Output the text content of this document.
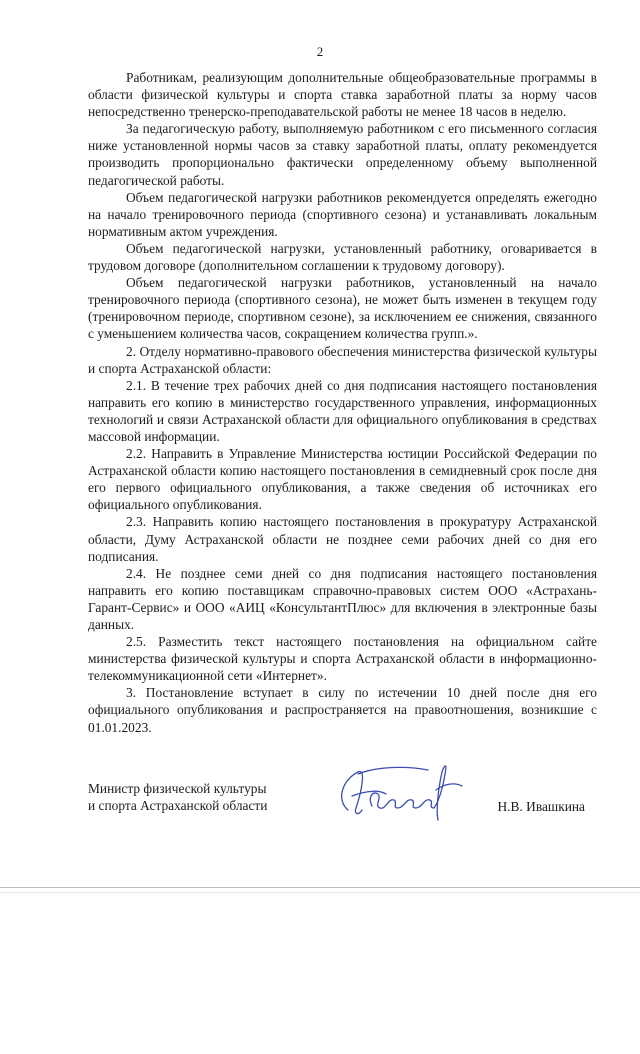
2

Работникам, реализующим дополнительные общеобразовательные программы в области физической культуры и спорта ставка заработной платы за норму часов непосредственно тренерско-преподавательской работы не менее 18 часов в неделю.

За педагогическую работу, выполняемую работником с его письменного согласия ниже установленной нормы часов за ставку заработной платы, оплату рекомендуется производить пропорционально фактически определенному объему выполненной педагогической работы.

Объем педагогической нагрузки работников рекомендуется определять ежегодно на начало тренировочного периода (спортивного сезона) и устанавливать локальным нормативным актом учреждения.

Объем педагогической нагрузки, установленный работнику, оговаривается в трудовом договоре (дополнительном соглашении к трудовому договору).

Объем педагогической нагрузки работников, установленный на начало тренировочного периода (спортивного сезона), не может быть изменен в текущем году (тренировочном периоде, спортивном сезоне), за исключением ее снижения, связанного с уменьшением количества часов, сокращением количества групп.».

2. Отделу нормативно-правового обеспечения министерства физической культуры и спорта Астраханской области:

2.1. В течение трех рабочих дней со дня подписания настоящего постановления направить его копию в министерство государственного управления, информационных технологий и связи Астраханской области для официального опубликования в средствах массовой информации.

2.2. Направить в Управление Министерства юстиции Российской Федерации по Астраханской области копию настоящего постановления в семидневный срок после дня его первого официального опубликования, а также сведения об источниках его официального опубликования.

2.3. Направить копию настоящего постановления в прокуратуру Астраханской области, Думу Астраханской области не позднее семи рабочих дней со дня его подписания.

2.4. Не позднее семи дней со дня подписания настоящего постановления направить его копию поставщикам справочно-правовых систем ООО «Астрахань-Гарант-Сервис» и ООО «АИЦ «КонсультантПлюс» для включения в электронные базы данных.

2.5. Разместить текст настоящего постановления на официальном сайте министерства физической культуры и спорта Астраханской области в информационно-телекоммуникационной сети «Интернет».

3. Постановление вступает в силу по истечении 10 дней после дня его официального опубликования и распространяется на правоотношения, возникшие с 01.01.2023.

Министр физической культуры
и спорта Астраханской области	Н.В. Ивашкина
